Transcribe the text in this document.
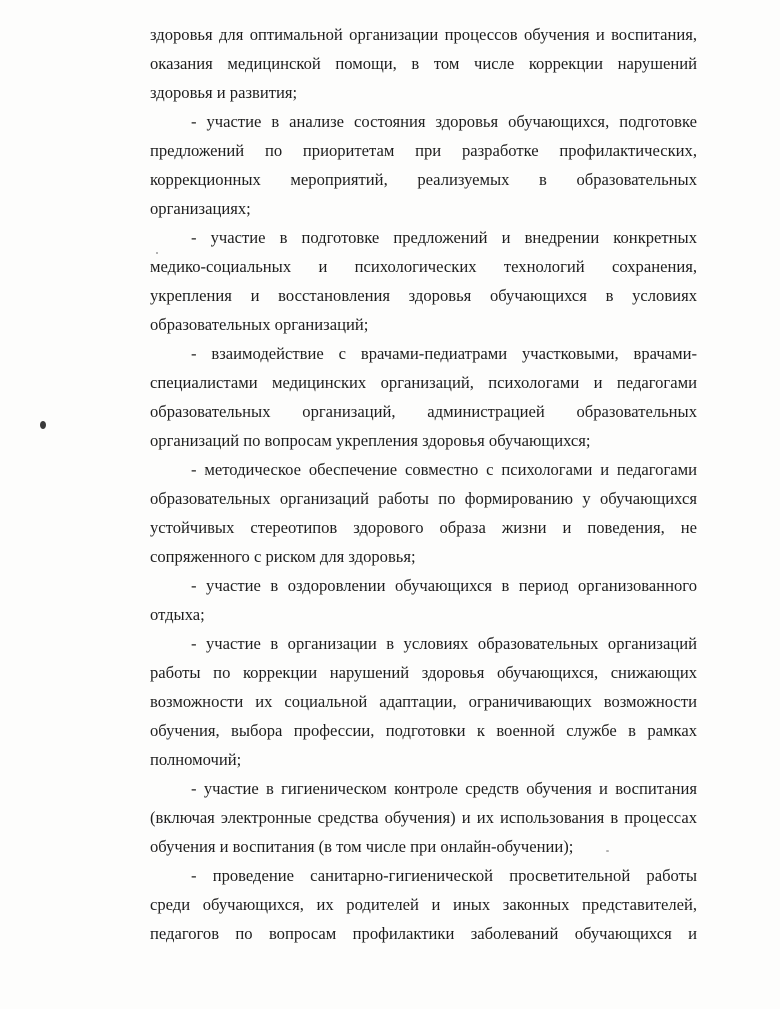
здоровья для оптимальной организации процессов обучения и воспитания,
оказания медицинской помощи, в том числе коррекции нарушений
здоровья и развития;
- участие в анализе состояния здоровья обучающихся, подготовке
предложений по приоритетам при разработке профилактических,
коррекционных мероприятий, реализуемых в образовательных
организациях;
- участие в подготовке предложений и внедрении конкретных
медико-социальных и психологических технологий сохранения,
укрепления и восстановления здоровья обучающихся в условиях
образовательных организаций;
- взаимодействие с врачами-педиатрами участковыми, врачами-
специалистами медицинских организаций, психологами и педагогами
образовательных организаций, администрацией образовательных
организаций по вопросам укрепления здоровья обучающихся;
- методическое обеспечение совместно с психологами и педагогами
образовательных организаций работы по формированию у обучающихся
устойчивых стереотипов здорового образа жизни и поведения, не
сопряженного с риском для здоровья;
- участие в оздоровлении обучающихся в период организованного
отдыха;
- участие в организации в условиях образовательных организаций
работы по коррекции нарушений здоровья обучающихся, снижающих
возможности их социальной адаптации, ограничивающих возможности
обучения, выбора профессии, подготовки к военной службе в рамках
полномочий;
- участие в гигиеническом контроле средств обучения и воспитания
(включая электронные средства обучения) и их использования в процессах
обучения и воспитания (в том числе при онлайн-обучении);
- проведение санитарно-гигиенической просветительной работы
среди обучающихся, их родителей и иных законных представителей,
педагогов по вопросам профилактики заболеваний обучающихся и
